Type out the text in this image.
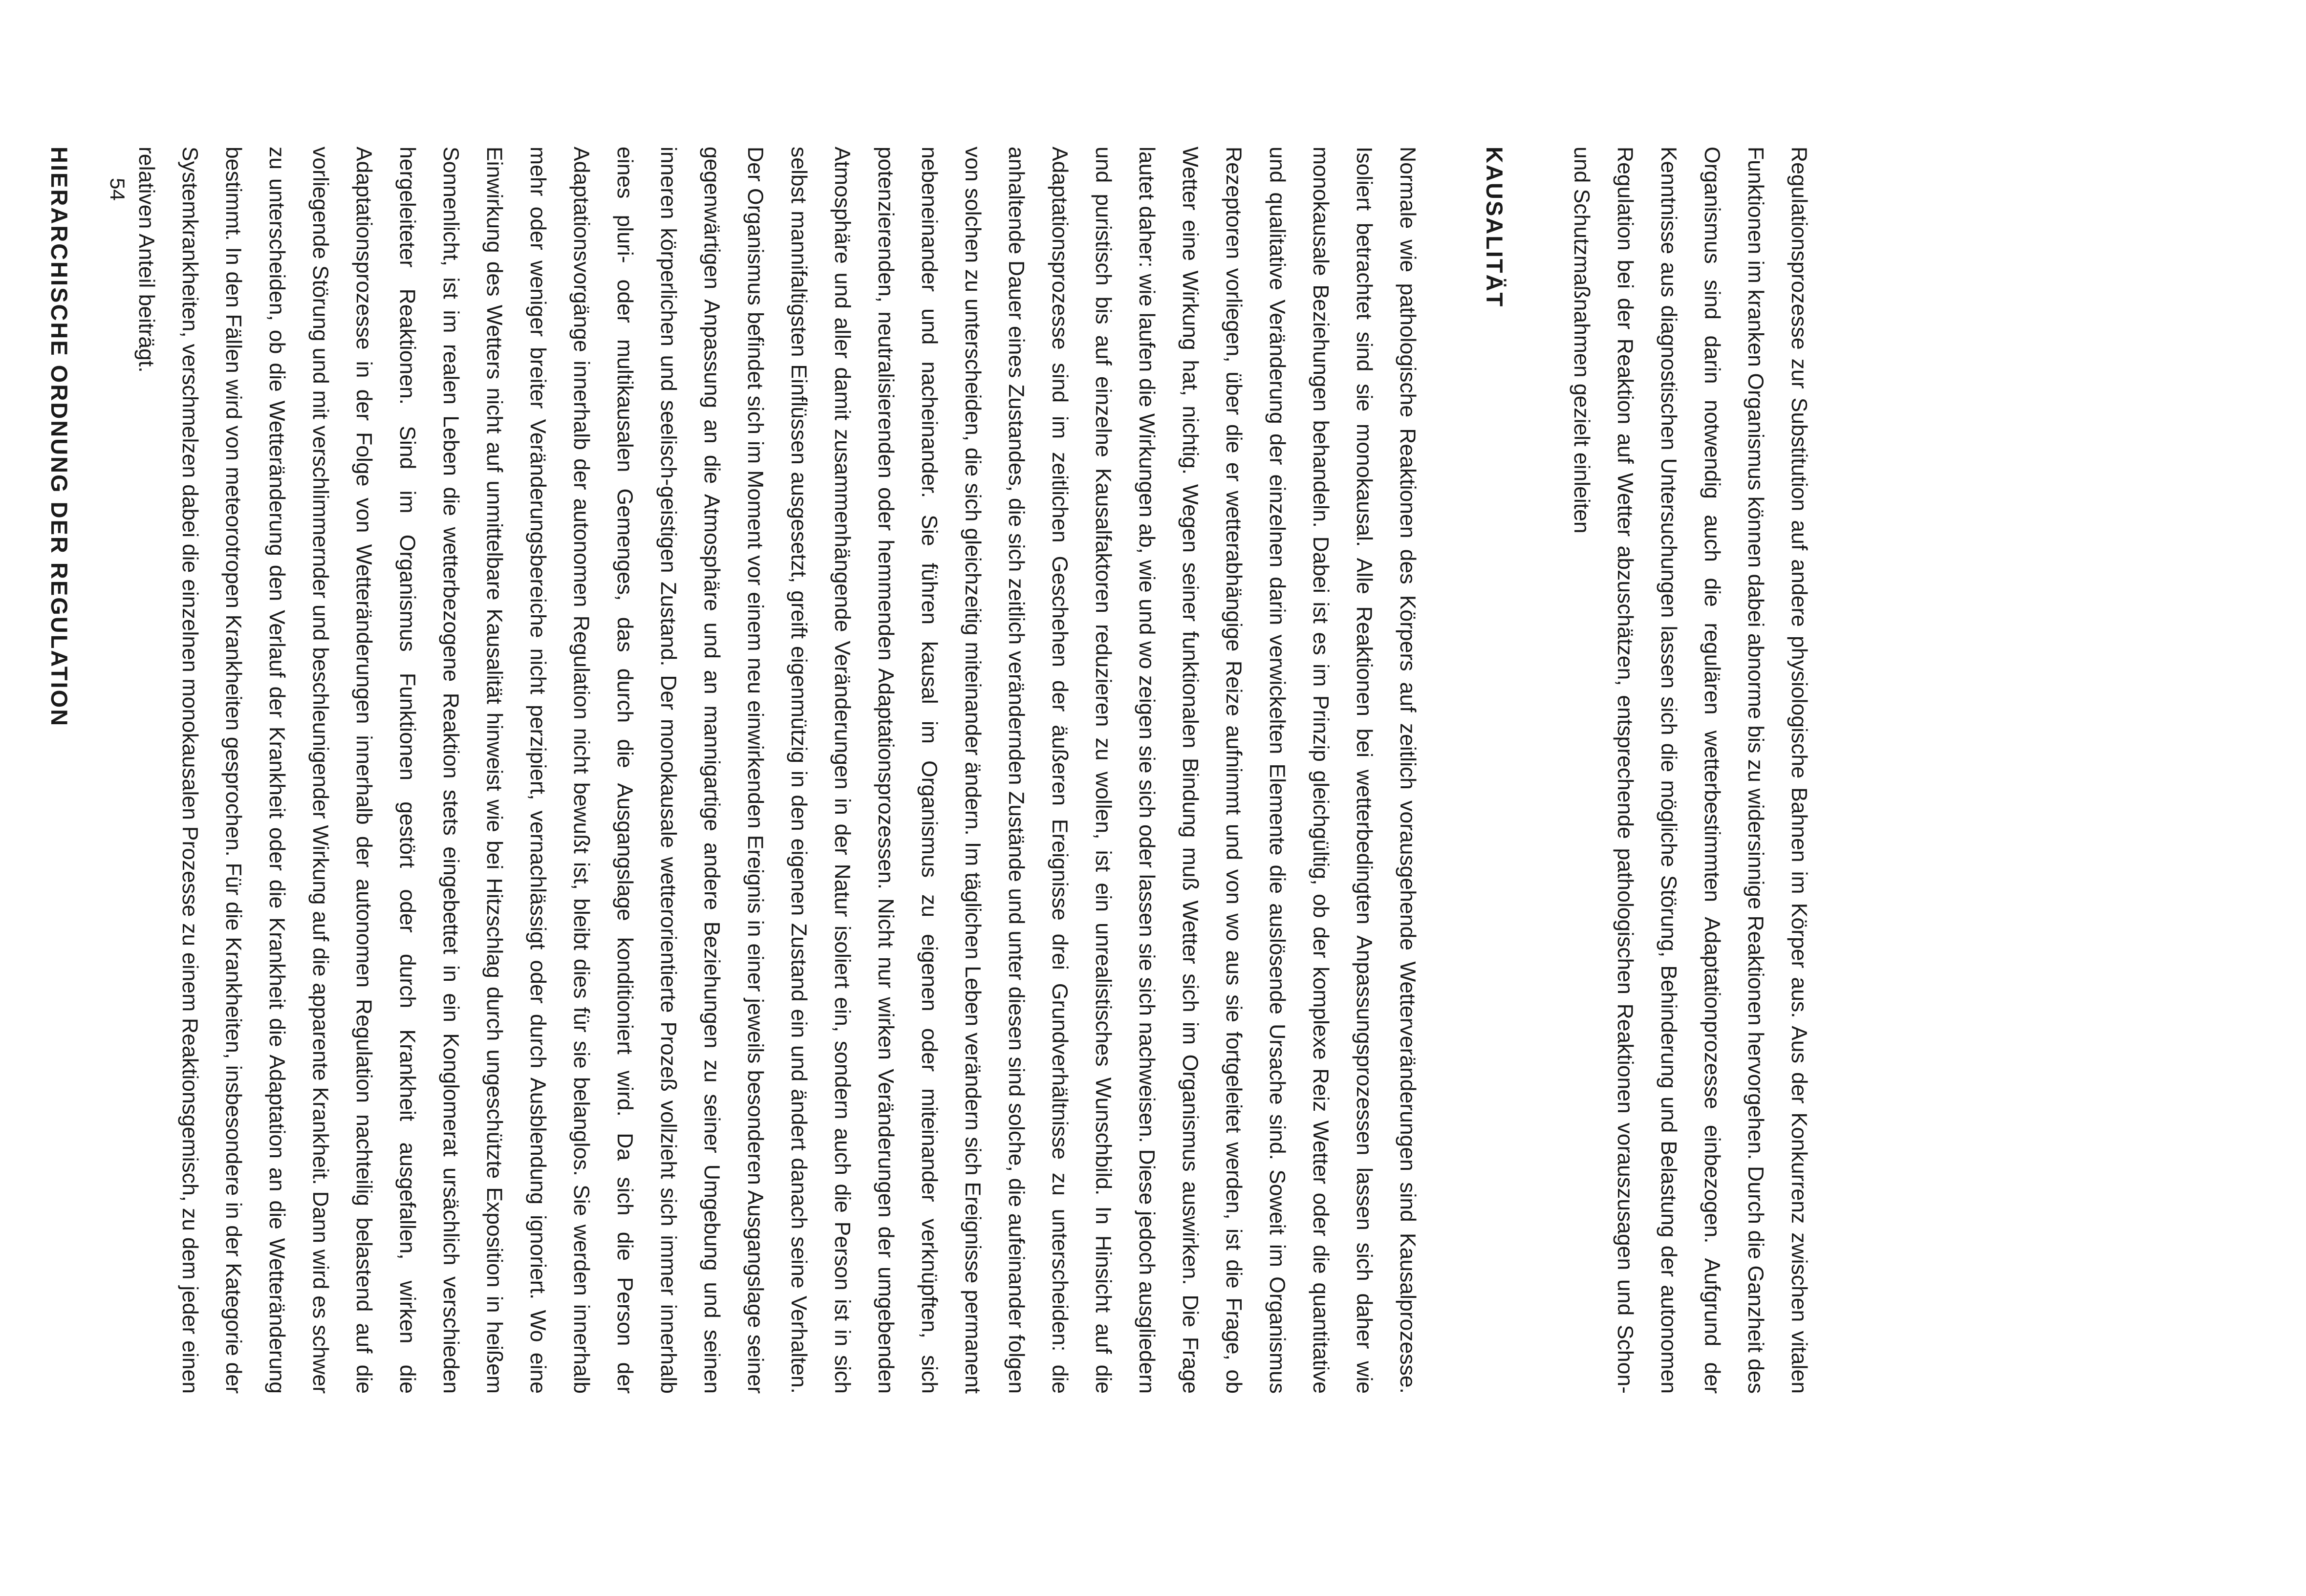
Regulationsprozesse zur Substitution auf andere physiologische Bahnen im Körper aus. Aus der Konkurrenz zwischen vitalen Funktionen im kranken Organismus können dabei abnorme bis zu widersinnige Reaktionen hervorgehen. Durch die Ganzheit des Organismus sind darin notwendig auch die regulären wetterbestimmten Adaptationprozesse einbezogen. Aufgrund der Kenntnisse aus diagnostischen Untersuchungen lassen sich die mögliche Störung, Behinderung und Belastung der autonomen Regulation bei der Reaktion auf Wetter abzuschätzen, entsprechende pathologischen Reaktionen vorauszusagen und Schon- und Schutzmaßnahmen gezielt einleiten

KAUSALITÄT

Normale wie pathologische Reaktionen des Körpers auf zeitlich vorausgehende Wetterveränderungen sind Kausalprozesse. Isoliert betrachtet sind sie monokausal. Alle Reaktionen bei wetterbedingten Anpassungsprozessen lassen sich daher wie monokausale Beziehungen behandeln. Dabei ist es im Prinzip gleichgültig, ob der komplexe Reiz Wetter oder die quantitative und qualitative Veränderung der einzelnen darin verwickelten Elemente die auslösende Ursache sind. Soweit im Organismus Rezeptoren vorliegen, über die er wetterabhängige Reize aufnimmt und von wo aus sie fortgeleitet werden, ist die Frage, ob Wetter eine Wirkung hat, nichtig. Wegen seiner funktionalen Bindung muß Wetter sich im Organismus auswirken. Die Frage lautet daher: wie laufen die Wirkungen ab, wie und wo zeigen sie sich oder lassen sie sich nachweisen. Diese jedoch ausgliedern und puristisch bis auf einzelne Kausalfaktoren reduzieren zu wollen, ist ein unrealistisches Wunschbild. In Hinsicht auf die Adaptationsprozesse sind im zeitlichen Geschehen der äußeren Ereignisse drei Grundverhältnisse zu unterscheiden: die anhaltende Dauer eines Zustandes, die sich zeitlich verändernden Zustände und unter diesen sind solche, die aufeinander folgen von solchen zu unterscheiden, die sich gleichzeitig miteinander ändern. Im täglichen Leben verändern sich Ereignisse permanent nebeneinander und nacheinander. Sie führen kausal im Organismus zu eigenen oder miteinander verknüpften, sich potenzierenden, neutralisierenden oder hemmenden Adaptationsprozessen. Nicht nur wirken Veränderungen der umgebenden Atmosphäre und aller damit zusammenhängende Veränderungen in der Natur isoliert ein, sondern auch die Person ist in sich selbst mannifaltigsten Einflüssen ausgesetzt, greift eigenmützig in den eigenen Zustand ein und ändert danach seine Verhalten. Der Organismus befindet sich im Moment vor einem neu einwirkenden Ereignis in einer jeweils besonderen Ausgangslage seiner gegenwärtigen Anpassung an die Atmosphäre und an mannigartige andere Beziehungen zu seiner Umgebung und seinen inneren körperlichen und seelisch-geistigen Zustand. Der monokausale wetterorientierte Prozeß vollzieht sich immer innerhalb eines pluri- oder multikausalen Gemenges, das durch die Ausgangslage konditioniert wird. Da sich die Person der Adaptationsvorgänge innerhalb der autonomen Regulation nicht bewußt ist, bleibt dies für sie belanglos. Sie werden innerhalb mehr oder weniger breiter Veränderungsbereiche nicht perzipiert, vernachlässigt oder durch Ausblendung ignoriert. Wo eine Einwirkung des Wetters nicht auf unmittelbare Kausalität hinweist wie bei Hitzschlag durch ungeschützte Exposition in heißem Sonnenlicht, ist im realen Leben die wetterbezogene Reaktion stets eingebettet in ein Konglomerat ursächlich verschieden hergeleiteter Reaktionen. Sind im Organismus Funktionen gestört oder durch Krankheit ausgefallen, wirken die Adaptationsprozesse in der Folge von Wetteränderungen innerhalb der autonomen Regulation nachteilig belastend auf die vorliegende Störung und mit verschlimmernder und beschleunigender Wirkung auf die apparente Krankheit. Dann wird es schwer zu unterscheiden, ob die Wetteränderung den Verlauf der Krankheit oder die Krankheit die Adaptation an die Wetteränderung bestimmt. In den Fällen wird von meteorotropen Krankheiten gesprochen. Für die Krankheiten, insbesondere in der Kategorie der Systemkrankheiten, verschmelzen dabei die einzelnen monokausalen Prozesse zu einem Reaktionsgemisch, zu dem jeder einen relativen Anteil beiträgt.

HIERARCHISCHE ORDNUNG DER REGULATION	54
